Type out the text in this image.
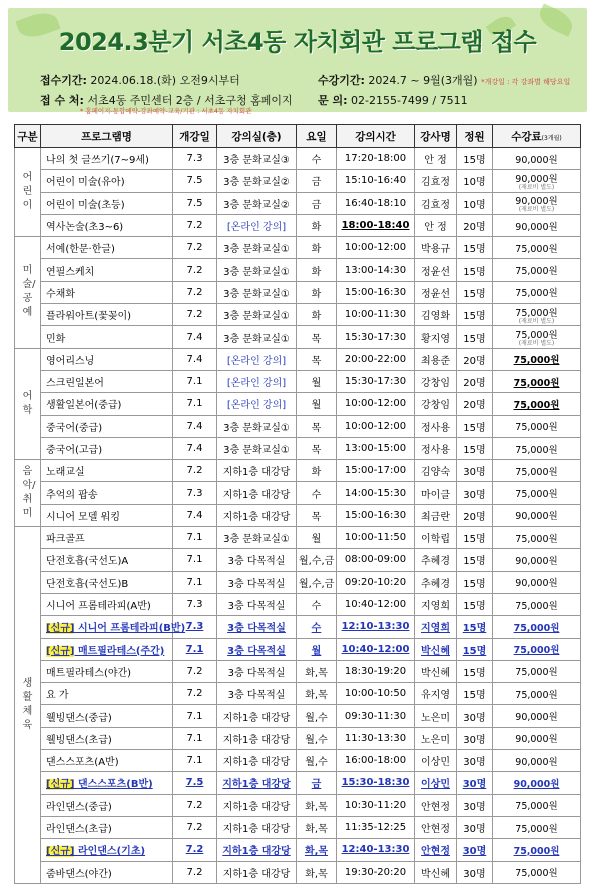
2024.3분기 서초4동 자치회관 프로그램 접수
접수기간: 2024.06.18.(화) 오전9시부터	수강기간: 2024.7 ~ 9월(3개월) *개강일 : 각 강좌별 해당요일
접 수 처: 서초4동 주민센터 2층 / 서초구청 홈페이지 문 의: 02-2155-7499 / 7511
* 홈페이지-통합예약-강좌예약-교육/기관 : 서초4동 자치회관
구분	프로그램명	개강일	강의실(층)	요일	강의시간	강사명	정원	수강료(3개월)

어린이	나의 첫 글쓰기(7~9세)	7.3	3층 문화교실③	수	17:20-18:00	안 정	15명	90,000원
	어린이 미술(유아)	7.5	3층 문화교실②	금	15:10-16:40	김효정	10명	90,000원
(재료비 별도)

	어린이 미술(초등)	7.5	3층 문화교실②	금	16:40-18:10	김효정	10명	90,000원
(재료비 별도)

	역사논술(초3~6)	7.2	[온라인 강의]	화	18:00-18:40	안 정	20명	90,000원

미술/공예	서예(한문·한글)	7.2	3층 문화교실①	화	10:00-12:00	박용규	15명	75,000원
	연필스케치	7.2	3층 문화교실①	화	13:00-14:30	정윤선	15명	75,000원
	수채화	7.2	3층 문화교실①	화	15:00-16:30	정윤선	15명	75,000원
	플라워아트(꽃꽂이)	7.2	3층 문화교실①	화	10:00-11:30	김영화	15명	75,000원
(재료비 별도)

	민화	7.4	3층 문화교실①	목	15:30-17:30	황지영	15명	75,000원
(재료비 별도)

어학	영어리스닝	7.4	[온라인 강의]	목	20:00-22:00	최용준	20명	75,000원
	스크린일본어	7.1	[온라인 강의]	월	15:30-17:30	강창임	20명	75,000원
	생활일본어(중급)	7.1	[온라인 강의]	월	10:00-12:00	강창임	20명	75,000원
	중국어(중급)	7.4	3층 문화교실①	목	10:00-12:00	정사용	15명	75,000원
	중국어(고급)	7.4	3층 문화교실①	목	13:00-15:00	정사용	15명	75,000원

음악/취미	노래교실	7.2	지하1층 대강당	화	15:00-17:00	김양숙	30명	75,000원
	추억의 팝송	7.3	지하1층 대강당	수	14:00-15:30	마이클	30명	75,000원
	시니어 모델 워킹	7.4	지하1층 대강당	목	15:00-16:30	최금란	20명	90,000원

생활체육	파크골프	7.1	3층 문화교실①	월	10:00-11:50	이학립	15명	75,000원
	단전호흡(국선도)A	7.1	3층 다목적실	월,수,금	08:00-09:00	추혜경	15명	90,000원
	단전호흡(국선도)B	7.1	3층 다목적실	월,수,금	09:20-10:20	추혜경	15명	90,000원
	시니어 프롬테라피(A반)	7.3	3층 다목적실	수	10:40-12:00	지영희	15명	75,000원
	[신규] 시니어 프롬테라피(B반)	7.3	3층 다목적실	수	12:10-13:30	지영희	15명	75,000원
	[신규] 매트필라테스(주간)	7.1	3층 다목적실	월	10:40-12:00	박신혜	15명	75,000원
	매트필라테스(야간)	7.2	3층 다목적실	화,목	18:30-19:20	박신혜	15명	75,000원
	요 가	7.2	3층 다목적실	화,목	10:00-10:50	유지영	15명	75,000원
	웰빙댄스(중급)	7.1	지하1층 대강당	월,수	09:30-11:30	노은미	30명	90,000원
	웰빙댄스(초급)	7.1	지하1층 대강당	월,수	11:30-13:30	노은미	30명	90,000원
	댄스스포츠(A반)	7.1	지하1층 대강당	월,수	16:00-18:00	이상민	30명	90,000원
	[신규] 댄스스포츠(B반)	7.5	지하1층 대강당	금	15:30-18:30	이상민	30명	90,000원
	라인댄스(중급)	7.2	지하1층 대강당	화,목	10:30-11:20	안현정	30명	75,000원
	라인댄스(초급)	7.2	지하1층 대강당	화,목	11:35-12:25	안현정	30명	75,000원
	[신규] 라인댄스(기초)	7.2	지하1층 대강당	화,목	12:40-13:30	안현정	30명	75,000원
	줌바댄스(야간)	7.2	지하1층 대강당	화,목	19:30-20:20	박신혜	30명	75,000원
